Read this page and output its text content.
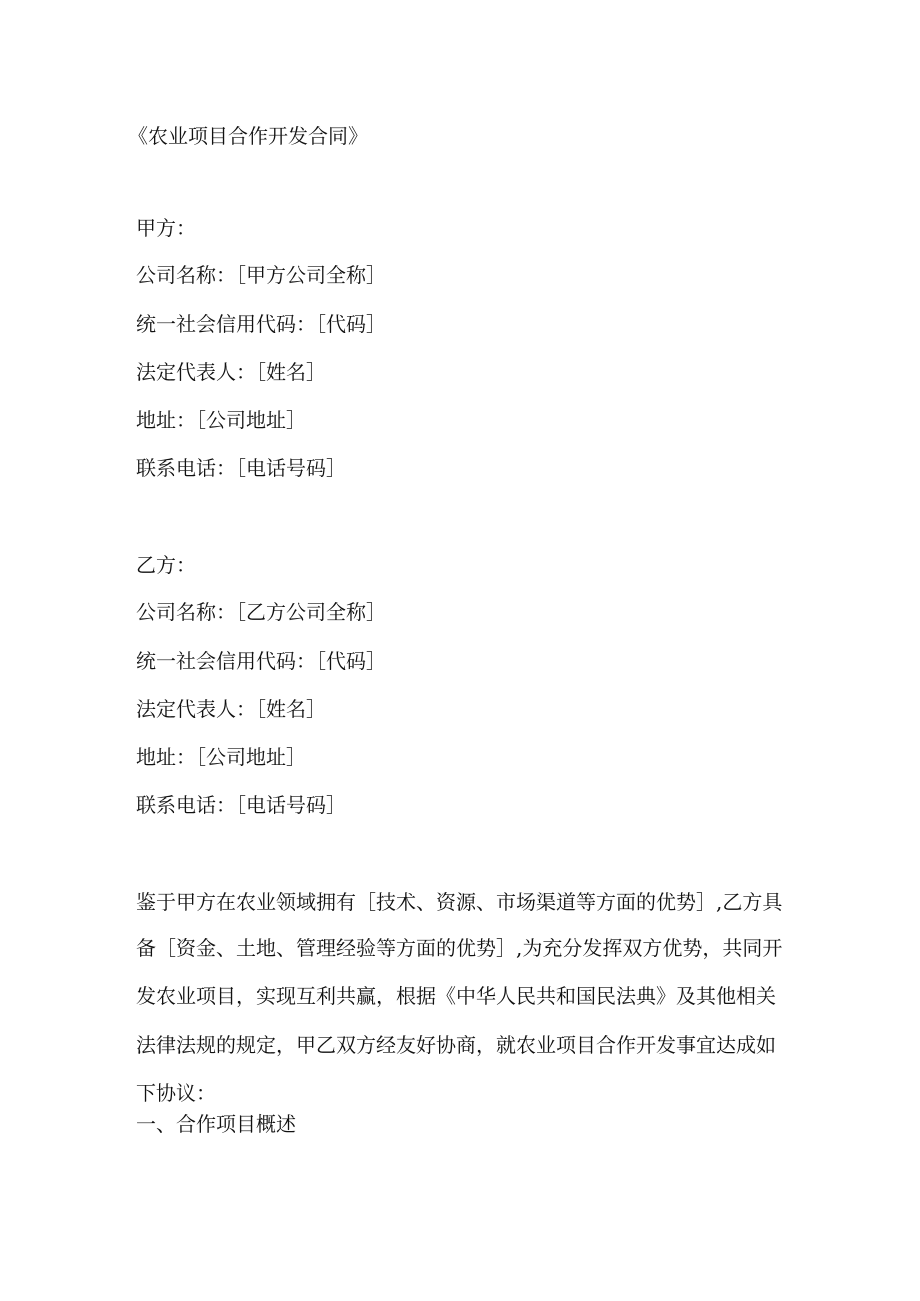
《农业项目合作开发合同》
甲方：
公司名称：［甲方公司全称］
统一社会信用代码：［代码］
法定代表人：［姓名］
地址：［公司地址］
联系电话：［电话号码］
乙方：
公司名称：［乙方公司全称］
统一社会信用代码：［代码］
法定代表人：［姓名］
地址：［公司地址］
联系电话：［电话号码］
鉴于甲方在农业领域拥有［技术、资源、市场渠道等方面的优势］,乙方具
备［资金、土地、管理经验等方面的优势］,为充分发挥双方优势，共同开
发农业项目，实现互利共赢，根据《中华人民共和国民法典》及其他相关
法律法规的规定，甲乙双方经友好协商，就农业项目合作开发事宜达成如
下协议：
一、合作项目概述
